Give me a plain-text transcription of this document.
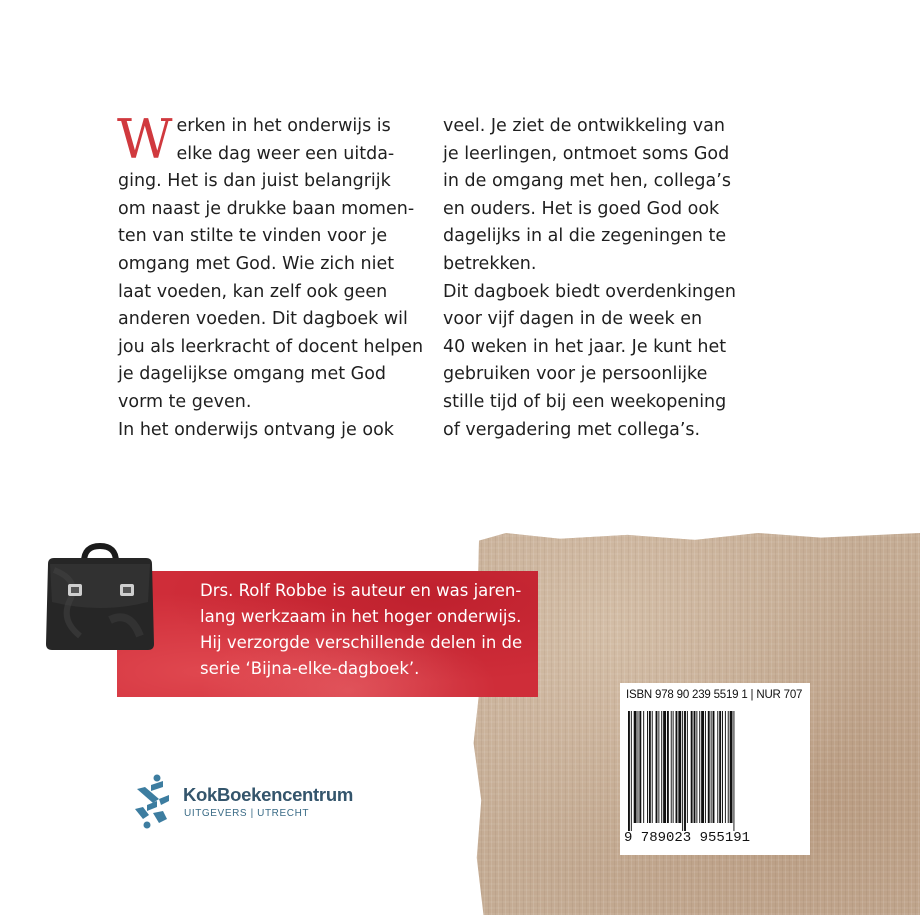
W erken in het onderwijs is
elke dag weer een uitda-
ging. Het is dan juist belangrijk
om naast je drukke baan momen-
ten van stilte te vinden voor je
omgang met God. Wie zich niet
laat voeden, kan zelf ook geen
anderen voeden. Dit dagboek wil
jou als leerkracht of docent helpen
je dagelijkse omgang met God
vorm te geven.
In het onderwijs ontvang je ook
veel. Je ziet de ontwikkeling van
je leerlingen, ontmoet soms God
in de omgang met hen, collega’s
en ouders. Het is goed God ook
dagelijks in al die zegeningen te
betrekken.
Dit dagboek biedt overdenkingen
voor vijf dagen in de week en
40 weken in het jaar. Je kunt het
gebruiken voor je persoonlijke
stille tijd of bij een weekopening
of vergadering met collega’s.
Drs. Rolf Robbe is auteur en was jaren-
lang werkzaam in het hoger onderwijs.
Hij verzorgde verschillende delen in de
serie ‘Bijna-elke-dagboek’.
ISBN 978 90 239 5519 1 | NUR 707
9 789023 955191
KokBoekencentrum
UITGEVERS | UTRECHT
